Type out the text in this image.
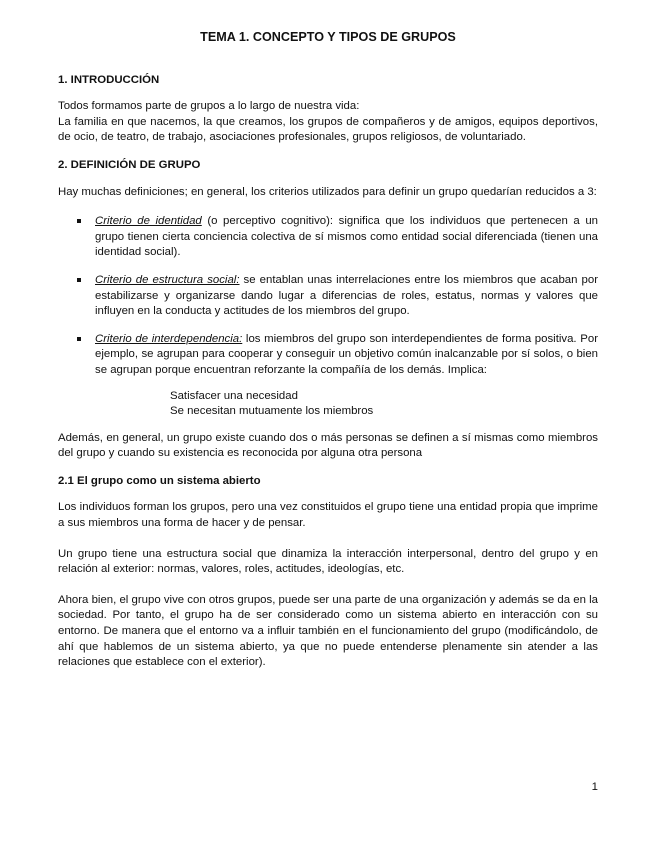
TEMA 1. CONCEPTO Y TIPOS DE GRUPOS
1. INTRODUCCIÓN

Todos formamos parte de grupos a lo largo de nuestra vida:

La familia en que nacemos, la que creamos, los grupos de compañeros y de amigos, equipos deportivos, de ocio, de teatro, de trabajo, asociaciones profesionales, grupos religiosos, de voluntariado.

2. DEFINICIÓN DE GRUPO

Hay muchas definiciones; en general, los criterios utilizados para definir un grupo quedarían reducidos a 3:

Criterio de identidad (o perceptivo cognitivo): significa que los individuos que pertenecen a un grupo tienen cierta conciencia colectiva de sí mismos como entidad social diferenciada (tienen una identidad social).
Criterio de estructura social: se entablan unas interrelaciones entre los miembros que acaban por estabilizarse y organizarse dando lugar a diferencias de roles, estatus, normas y valores que influyen en la conducta y actitudes de los miembros del grupo.
Criterio de interdependencia: los miembros del grupo son interdependientes de forma positiva. Por ejemplo, se agrupan para cooperar y conseguir un objetivo común inalcanzable por sí solos, o bien se agrupan porque encuentran reforzante la compañía de los demás. Implica:
Satisfacer una necesidad
Se necesitan mutuamente los miembros

Además, en general, un grupo existe cuando dos o más personas se definen a sí mismas como miembros del grupo y cuando su existencia es reconocida por alguna otra persona

2.1 El grupo como un sistema abierto

Los individuos forman los grupos, pero una vez constituidos el grupo tiene una entidad propia que imprime a sus miembros una forma de hacer y de pensar.

Un grupo tiene una estructura social que dinamiza la interacción interpersonal, dentro del grupo y en relación al exterior: normas, valores, roles, actitudes, ideologías, etc.

Ahora bien, el grupo vive con otros grupos, puede ser una parte de una organización y además se da en la sociedad. Por tanto, el grupo ha de ser considerado como un sistema abierto en interacción con su entorno. De manera que el entorno va a influir también en el funcionamiento del grupo (modificándolo, de ahí que hablemos de un sistema abierto, ya que no puede entenderse plenamente sin atender a las relaciones que establece con el exterior).

1
